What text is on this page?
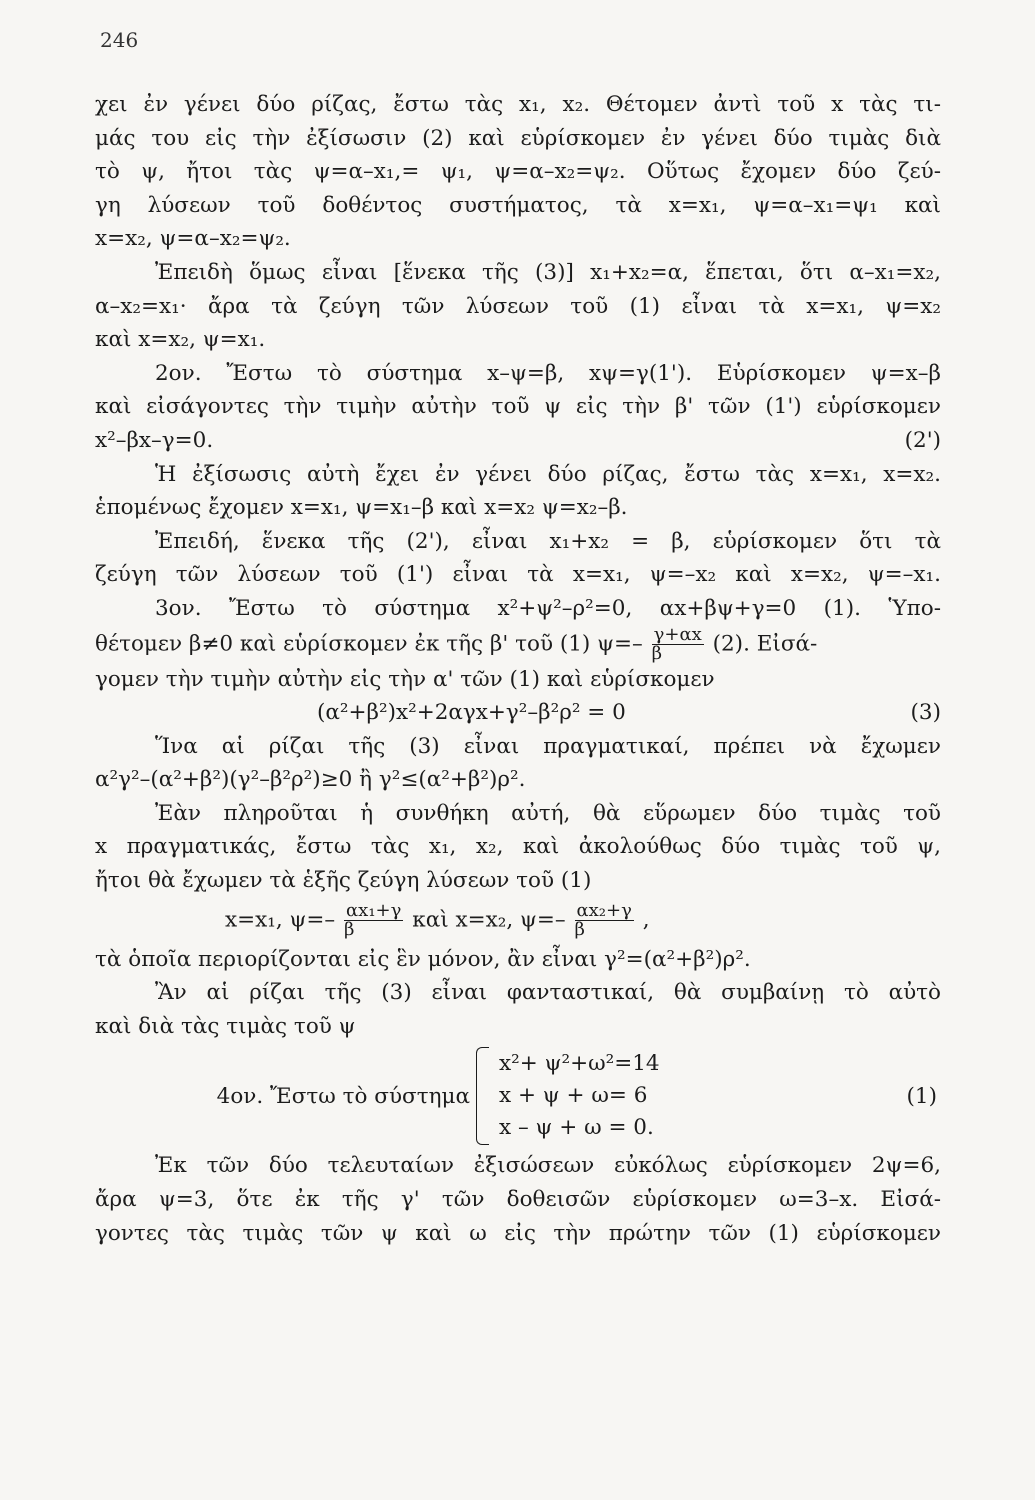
246
χει ἐν γένει δύο ρίζας, ἔστω τὰς x₁, x₂. Θέτομεν ἀντὶ τοῦ x τὰς τι-
μάς του εἰς τὴν ἐξίσωσιν (2) καὶ εὑρίσκομεν ἐν γένει δύο τιμὰς διὰ
τὸ ψ, ἤτοι τὰς ψ=α–x₁,= ψ₁, ψ=α–x₂=ψ₂. Οὕτως ἔχομεν δύο ζεύ-
γη λύσεων τοῦ δοθέντος συστήματος, τὰ x=x₁, ψ=α–x₁=ψ₁ καὶ
x=x₂, ψ=α–x₂=ψ₂.
Ἐπειδὴ ὅμως εἶναι [ἕνεκα τῆς (3)] x₁+x₂=α, ἕπεται, ὅτι α–x₁=x₂,
α–x₂=x₁· ἄρα τὰ ζεύγη τῶν λύσεων τοῦ (1) εἶναι τὰ x=x₁, ψ=x₂
καὶ x=x₂, ψ=x₁.
2ον. Ἔστω τὸ σύστημα x–ψ=β, xψ=γ(1'). Εὑρίσκομεν ψ=x–β
καὶ εἰσάγοντες τὴν τιμὴν αὐτὴν τοῦ ψ εἰς τὴν β' τῶν (1') εὑρίσκομεν
x²–βx–γ=0.	(2')
Ἡ ἐξίσωσις αὐτὴ ἔχει ἐν γένει δύο ρίζας, ἔστω τὰς x=x₁, x=x₂.
ἑπομένως ἔχομεν x=x₁, ψ=x₁–β καὶ x=x₂ ψ=x₂–β.
Ἐπειδή, ἕνεκα τῆς (2'), εἶναι x₁+x₂ = β, εὑρίσκομεν ὅτι τὰ
ζεύγη τῶν λύσεων τοῦ (1') εἶναι τὰ x=x₁, ψ=–x₂ καὶ x=x₂, ψ=–x₁.
3ον. Ἔστω τὸ σύστημα x²+ψ²–ρ²=0, αx+βψ+γ=0 (1). Ὑπο-
θέτομεν β≠0 καὶ εὑρίσκομεν ἐκ τῆς β' τοῦ (1) $\psi=- \frac{\gamma+\alpha x}{\beta} (2)$. Εἰσά-
γομεν τὴν τιμὴν αὐτὴν εἰς τὴν α' τῶν (1) καὶ εὑρίσκομεν
(α²+β²)x²+2αγx+γ²–β²ρ² = 0	(3)
Ἵνα αἱ ρίζαι τῆς (3) εἶναι πραγματικαί, πρέπει νὰ ἔχωμεν
α²γ²–(α²+β²)(γ²–β²ρ²)≥0 ἢ γ²≤(α²+β²)ρ².
Ἐὰν πληροῦται ἡ συνθήκη αὐτή, θὰ εὕρωμεν δύο τιμὰς τοῦ
x πραγματικάς, ἔστω τὰς x₁, x₂, καὶ ἀκολούθως δύο τιμὰς τοῦ ψ,
ἤτοι θὰ ἔχωμεν τὰ ἑξῆς ζεύγη λύσεων τοῦ (1)
x=x₁, $\psi=- \frac{\text{αx₁+γ}}{\beta}$ καὶ x=x₂, $\psi=- \frac{\text{αx₂+γ}}{\beta}$ ,
τὰ ὁποῖα περιορίζονται εἰς ἓν μόνον, ἂν εἶναι γ²=(α²+β²)ρ².
Ἂν αἱ ρίζαι τῆς (3) εἶναι φανταστικαί, θὰ συμβαίνῃ τὸ αὐτὸ
καὶ διὰ τὰς τιμὰς τοῦ ψ
4ον. Ἔστω τὸ σύστημα
x²+ ψ²+ω²=14
x + ψ + ω= 6
x – ψ + ω = 0.
(1)
Ἐκ τῶν δύο τελευταίων ἐξισώσεων εὐκόλως εὑρίσκομεν 2ψ=6,
ἄρα ψ=3, ὅτε ἐκ τῆς γ' τῶν δοθεισῶν εὑρίσκομεν ω=3–x. Εἰσά-
γοντες τὰς τιμὰς τῶν ψ καὶ ω εἰς τὴν πρώτην τῶν (1) εὑρίσκομεν
